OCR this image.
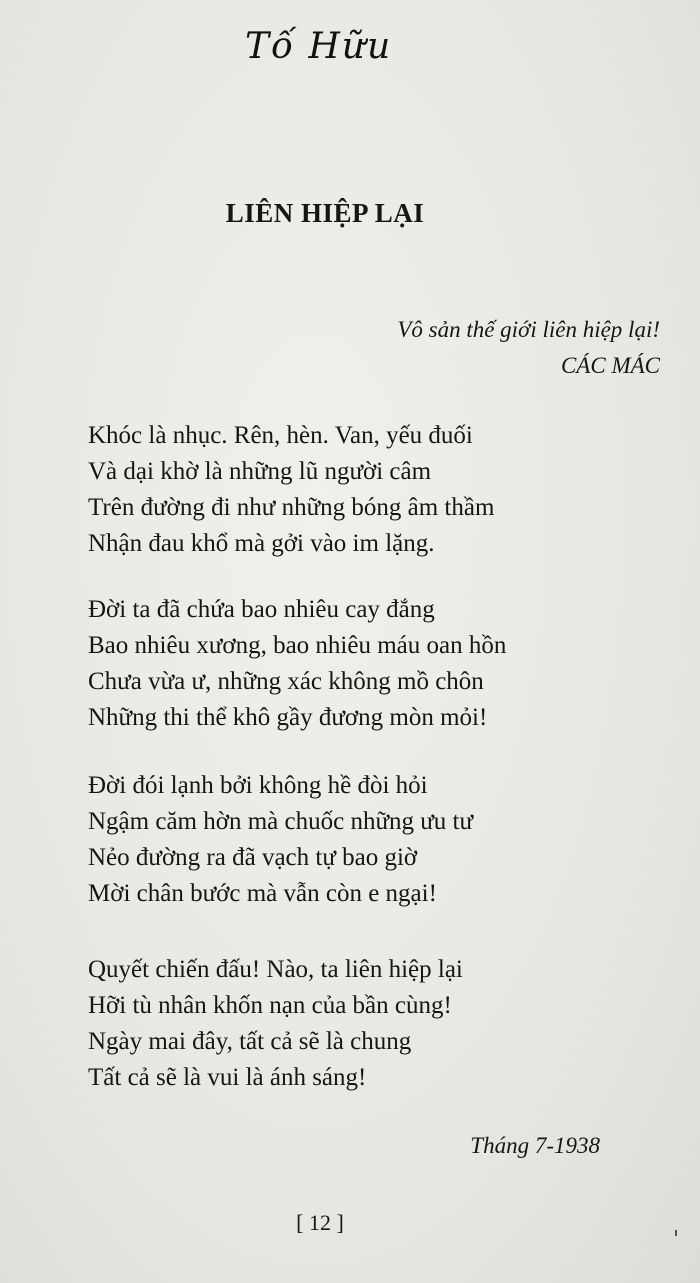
Tố Hữu
LIÊN HIỆP LẠI
Vô sản thế giới liên hiệp lại!
CÁC MÁC
Khóc là nhục. Rên, hèn. Van, yếu đuối
Và dại khờ là những lũ người câm
Trên đường đi như những bóng âm thầm
Nhận đau khổ mà gởi vào im lặng.
Đời ta đã chứa bao nhiêu cay đắng
Bao nhiêu xương, bao nhiêu máu oan hồn
Chưa vừa ư, những xác không mồ chôn
Những thi thể khô gầy đương mòn mỏi!
Đời đói lạnh bởi không hề đòi hỏi
Ngậm căm hờn mà chuốc những ưu tư
Nẻo đường ra đã vạch tự bao giờ
Mời chân bước mà vẫn còn e ngại!
Quyết chiến đấu! Nào, ta liên hiệp lại
Hỡi tù nhân khốn nạn của bần cùng!
Ngày mai đây, tất cả sẽ là chung
Tất cả sẽ là vui là ánh sáng!
Tháng 7-1938
[ 12 ]
